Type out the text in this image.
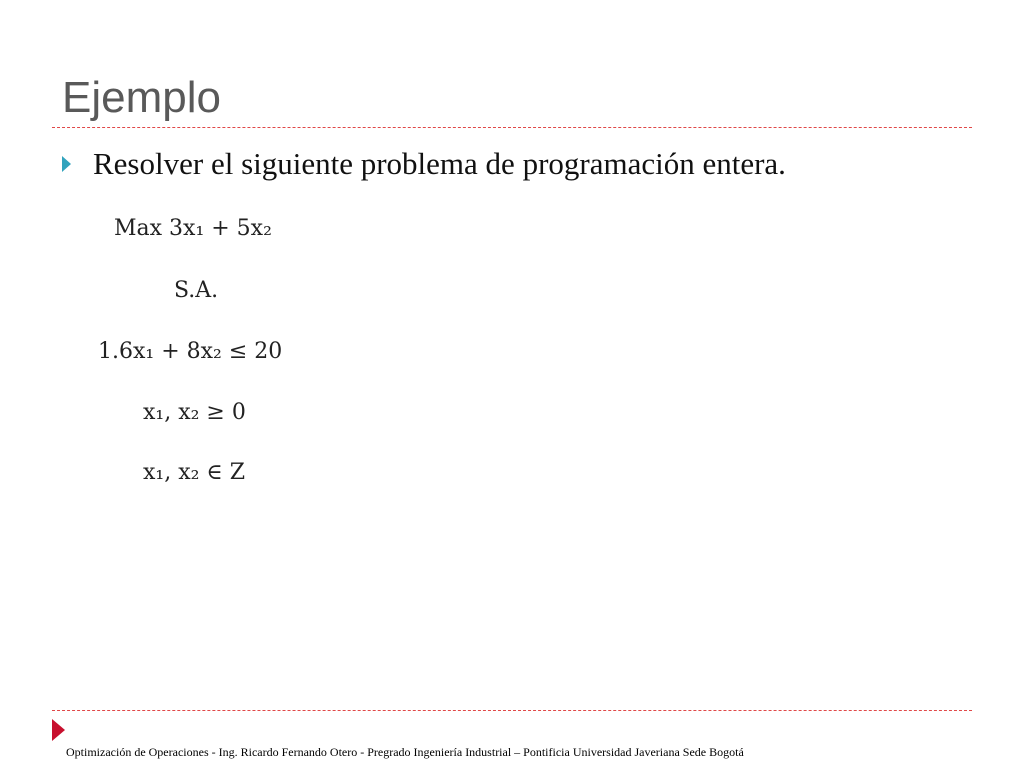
Ejemplo
Resolver el siguiente problema de programación entera.
Max 3x₁ + 5x₂
S.A.
1.6x₁ + 8x₂ ≤ 20
x₁, x₂ ≥ 0
x₁, x₂ ∈ Z
Optimización de Operaciones - Ing. Ricardo Fernando Otero - Pregrado Ingeniería Industrial – Pontificia Universidad Javeriana Sede Bogotá
